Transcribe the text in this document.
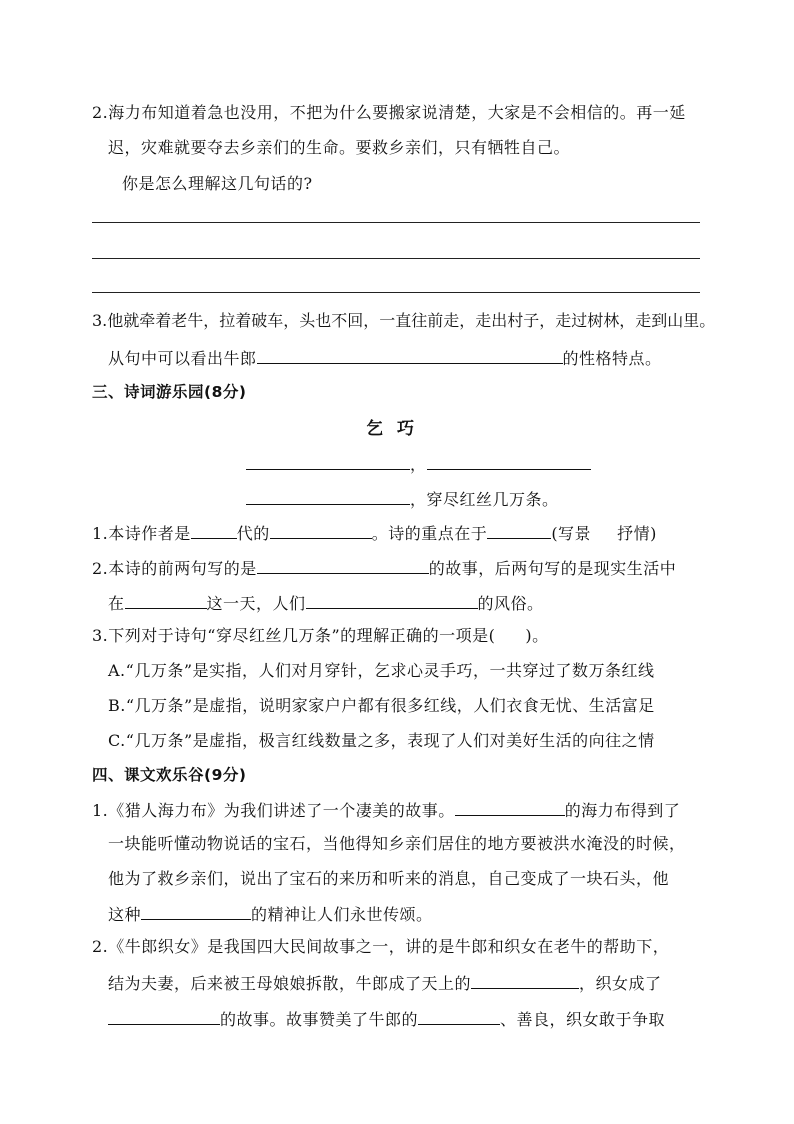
2.海力布知道着急也没用，不把为什么要搬家说清楚，大家是不会相信的。再一延
迟，灾难就要夺去乡亲们的生命。要救乡亲们，只有牺牲自己。
你是怎么理解这几句话的?
3.他就牵着老牛，拉着破车，头也不回，一直往前走，走出村子，走过树林，走到山里。
从句中可以看出牛郎	的性格特点。
三、诗词游乐园(8分)
乞巧
，
，穿尽红丝几万条。
1.本诗作者是	代的	。诗的重点在于	(写景 抒情)
2.本诗的前两句写的是	的故事，后两句写的是现实生活中
在	这一天，人们	的风俗。
3.下列对于诗句“穿尽红丝几万条”的理解正确的一项是( )。
A.“几万条”是实指，人们对月穿针，乞求心灵手巧，一共穿过了数万条红线
B.“几万条”是虚指，说明家家户户都有很多红线，人们衣食无忧、生活富足
C.“几万条”是虚指，极言红线数量之多，表现了人们对美好生活的向往之情
四、课文欢乐谷(9分)
1.《猎人海力布》为我们讲述了一个凄美的故事。	的海力布得到了
一块能听懂动物说话的宝石，当他得知乡亲们居住的地方要被洪水淹没的时候，
他为了救乡亲们，说出了宝石的来历和听来的消息，自己变成了一块石头，他
这种	的精神让人们永世传颂。
2.《牛郎织女》是我国四大民间故事之一，讲的是牛郎和织女在老牛的帮助下，
结为夫妻，后来被王母娘娘拆散，牛郎成了天上的	，织女成了
的故事。故事赞美了牛郎的	、善良，织女敢于争取
